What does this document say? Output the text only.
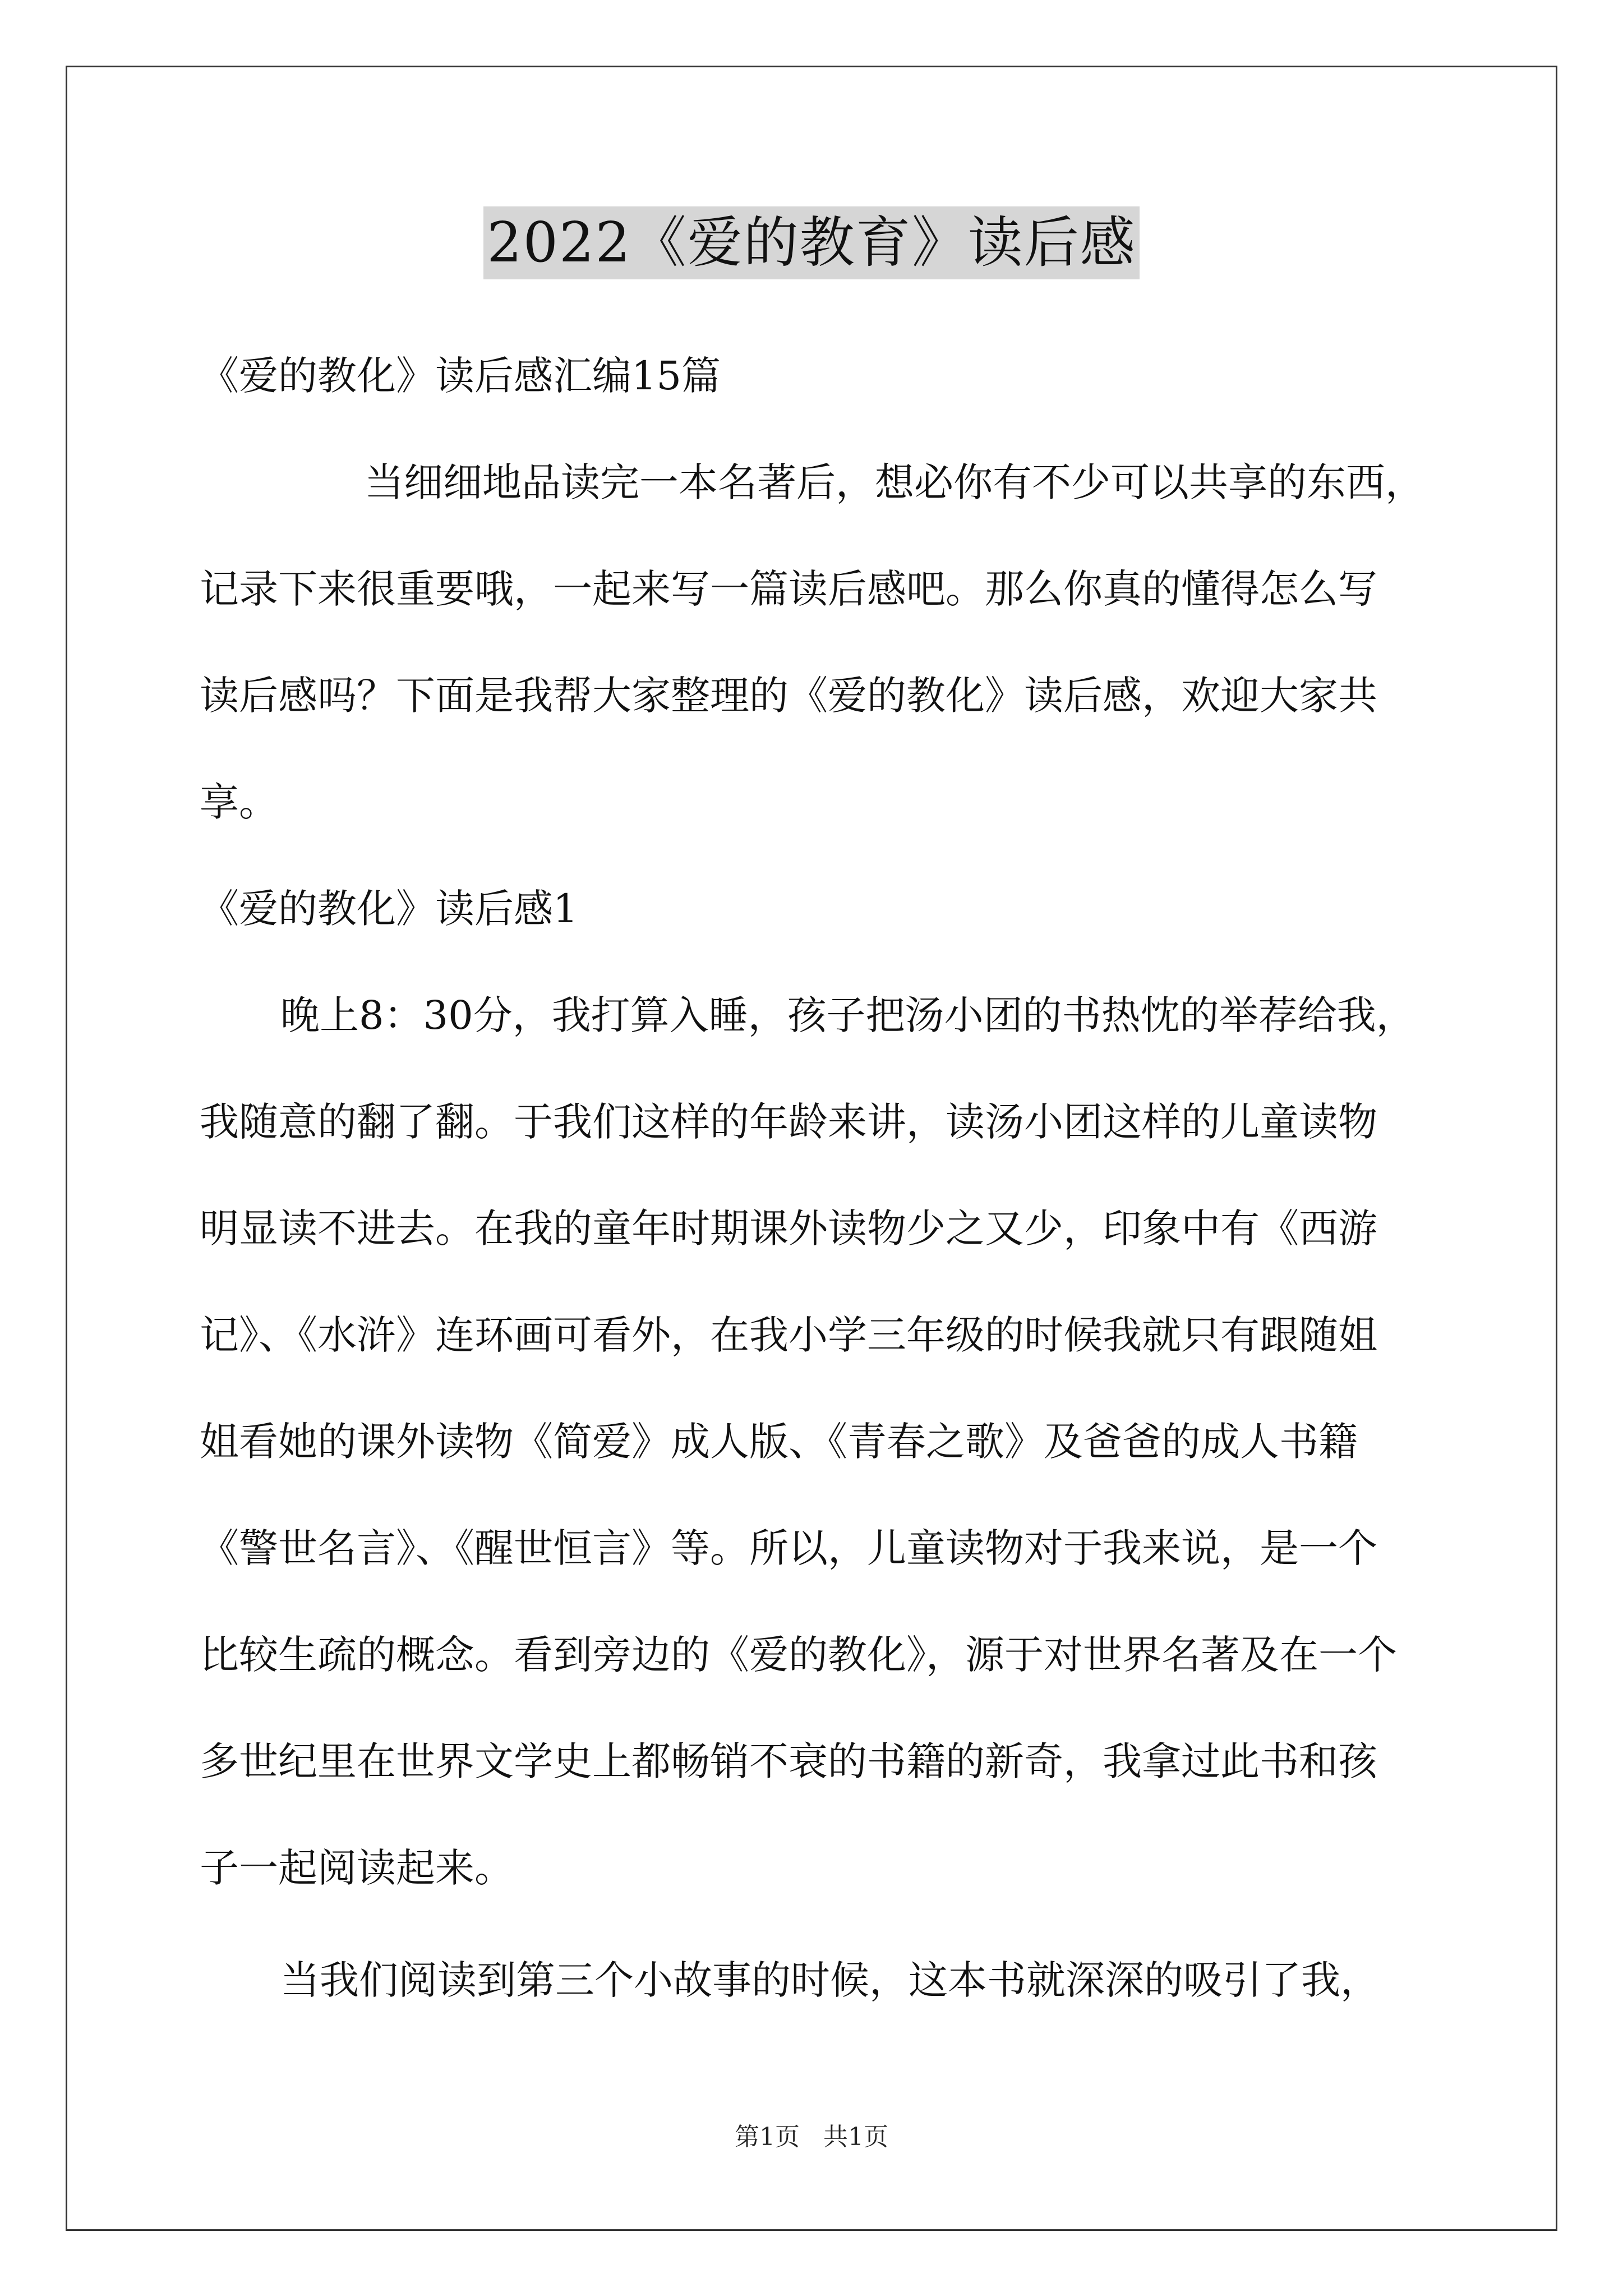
2022《爱的教育》读后感
《爱的教化》读后感汇编15篇
当细细地品读完一本名著后，想必你有不少可以共享的东西，
记录下来很重要哦，一起来写一篇读后感吧。那么你真的懂得怎么写
读后感吗？下面是我帮大家整理的《爱的教化》读后感，欢迎大家共
享。
《爱的教化》读后感1
晚上8：30分，我打算入睡，孩子把汤小团的书热忱的举荐给我，
我随意的翻了翻。于我们这样的年龄来讲，读汤小团这样的儿童读物
明显读不进去。在我的童年时期课外读物少之又少，印象中有《西游
记》、《水浒》连环画可看外，在我小学三年级的时候我就只有跟随姐
姐看她的课外读物《简爱》成人版、《青春之歌》及爸爸的成人书籍
《警世名言》、《醒世恒言》等。所以，儿童读物对于我来说，是一个
比较生疏的概念。看到旁边的《爱的教化》，源于对世界名著及在一个
多世纪里在世界文学史上都畅销不衰的书籍的新奇，我拿过此书和孩
子一起阅读起来。
当我们阅读到第三个小故事的时候，这本书就深深的吸引了我，
第1页 共1页
